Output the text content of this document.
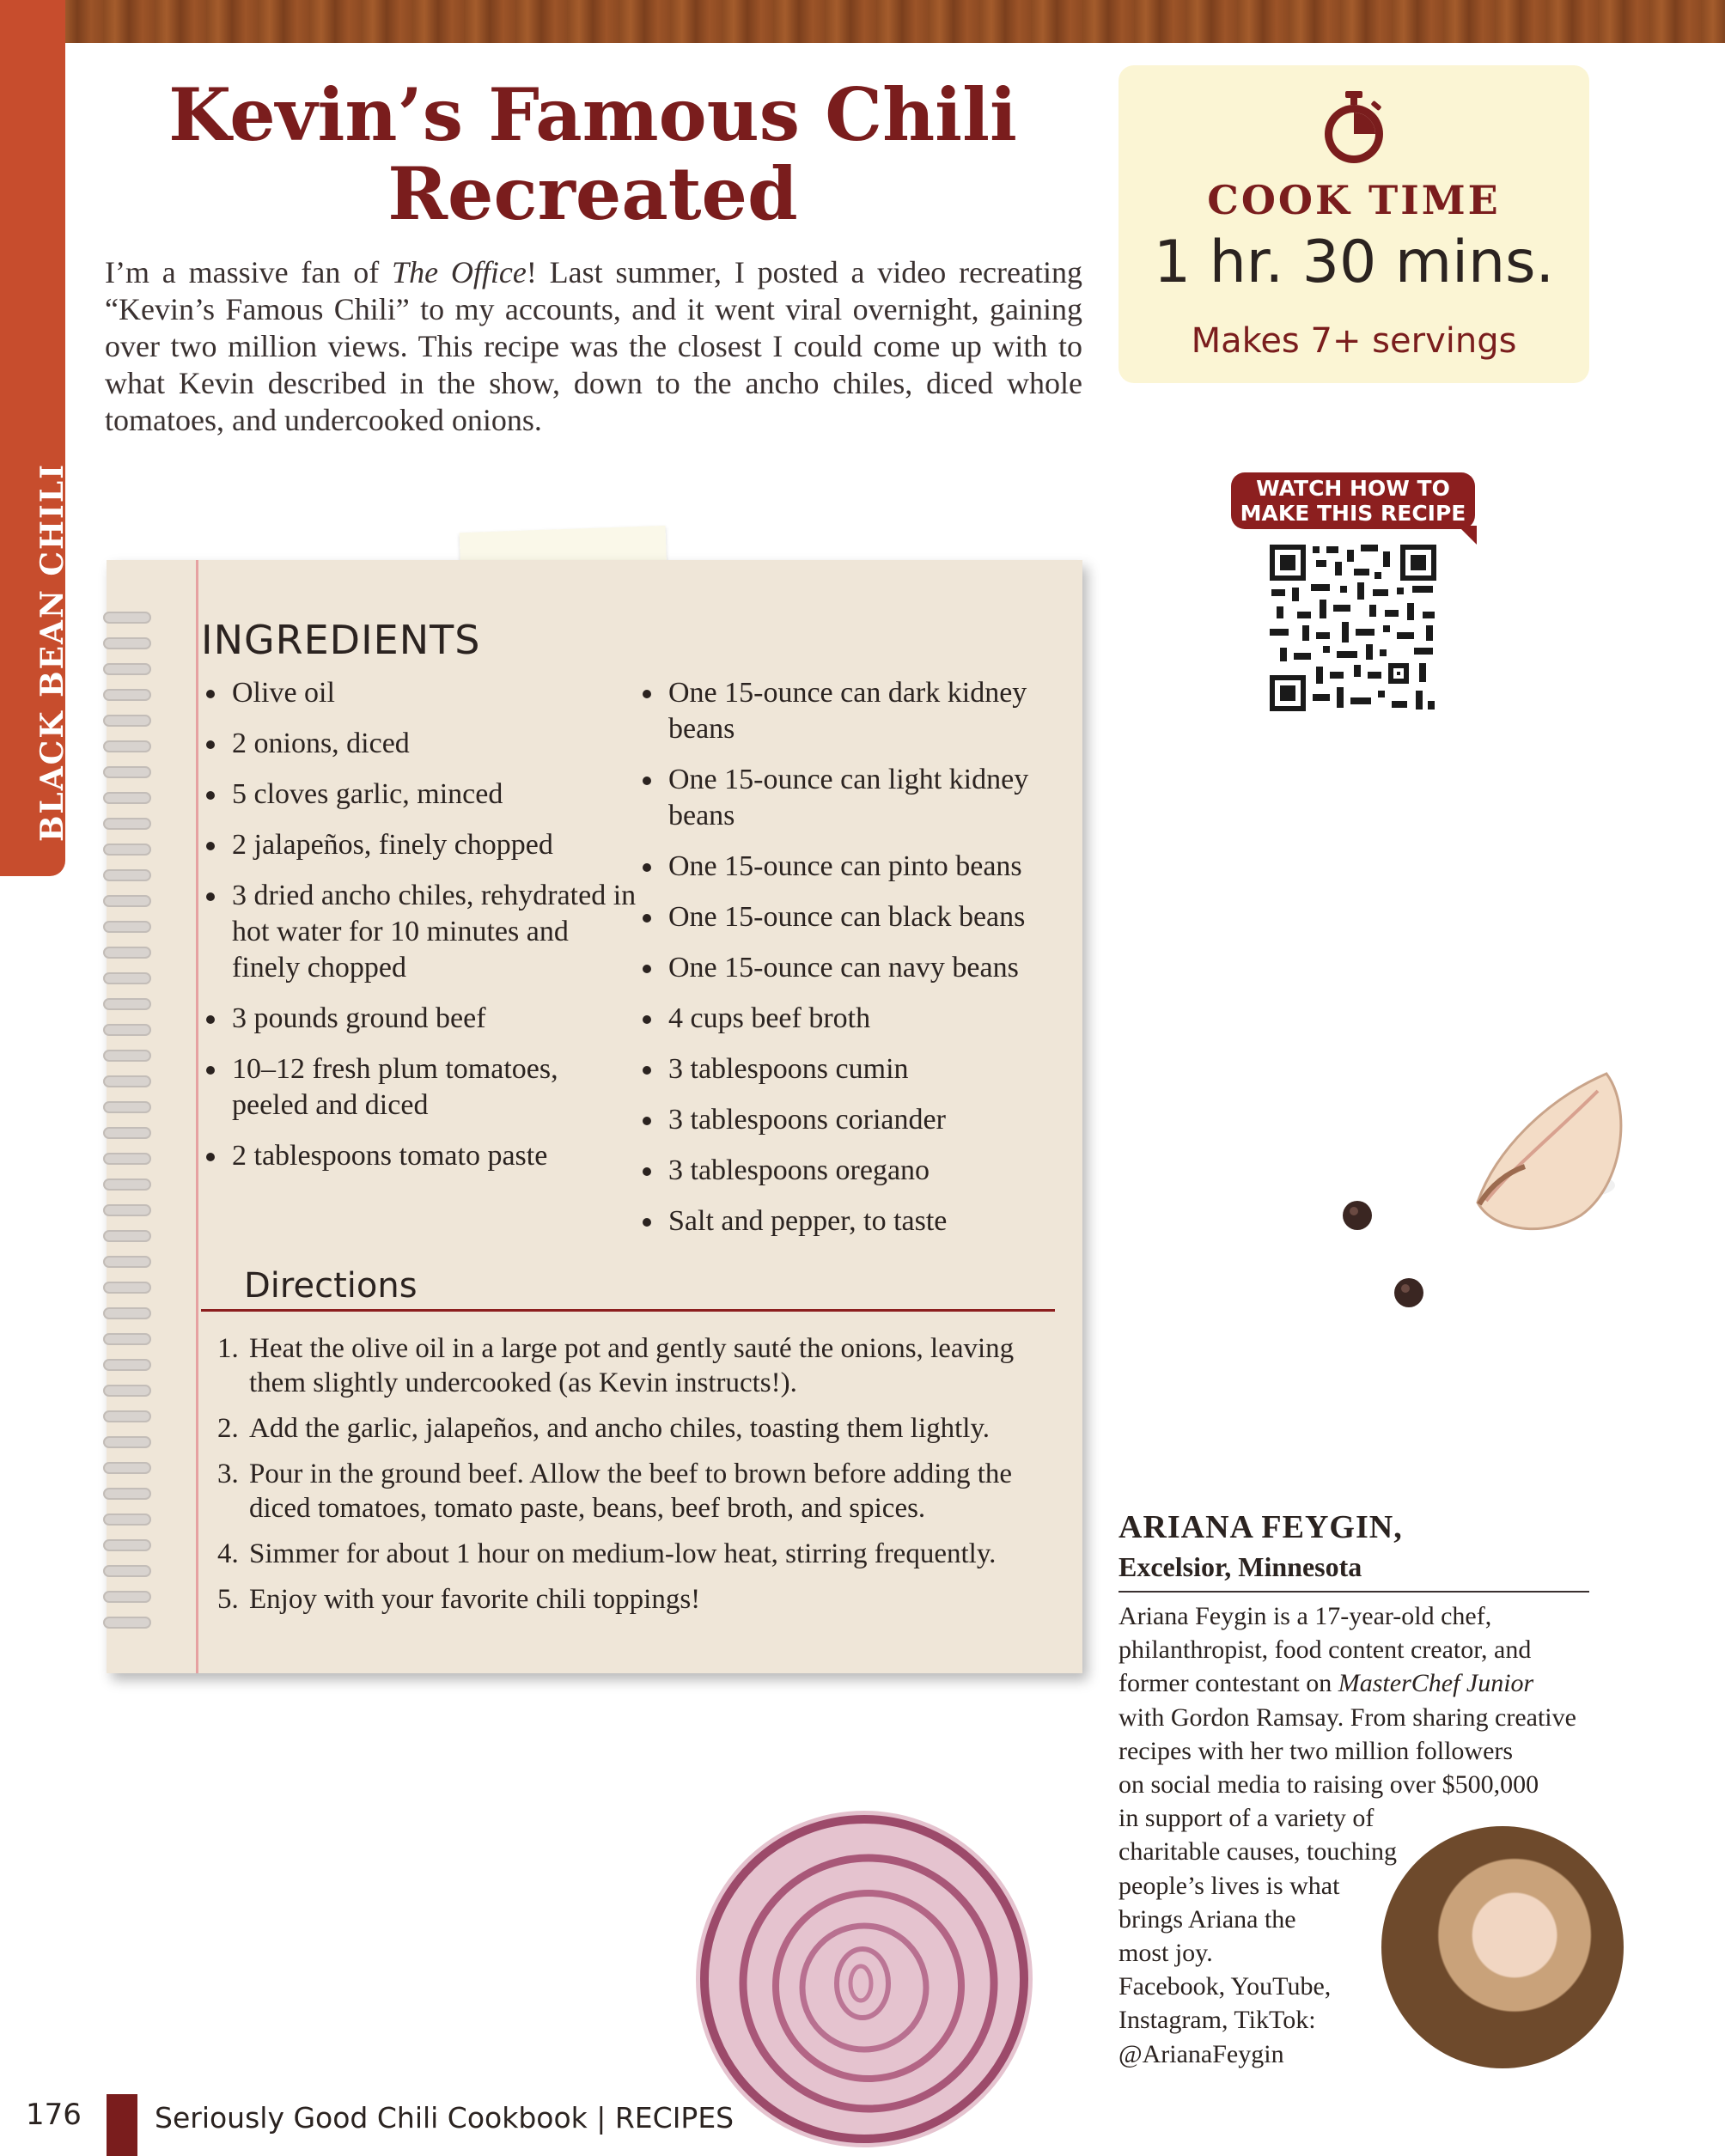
BLACK BEAN CHILI
Kevin’s Famous Chili
Recreated
I’m a massive fan of The Office! Last summer, I posted a video recreating “Kevin’s Famous Chili” to my accounts, and it went viral overnight, gaining over two million views. This recipe was the closest I could come up with to what Kevin described in the show, down to the ancho chiles, diced whole tomatoes, and undercooked onions.
COOK TIME
1 hr. 30 mins.
Makes 7+ servings
WATCH HOW TO
MAKE THIS RECIPE
INGREDIENTS
• Olive oil
• 2 onions, diced
• 5 cloves garlic, minced
• 2 jalapeños, finely chopped
• 3 dried ancho chiles, rehydrated in hot water for 10 minutes and finely chopped
• 3 pounds ground beef
• 10–12 fresh plum tomatoes, peeled and diced
• 2 tablespoons tomato paste
• One 15-ounce can dark kidney beans
• One 15-ounce can light kidney beans
• One 15-ounce can pinto beans
• One 15-ounce can black beans
• One 15-ounce can navy beans
• 4 cups beef broth
• 3 tablespoons cumin
• 3 tablespoons coriander
• 3 tablespoons oregano
• Salt and pepper, to taste
Directions
1. Heat the olive oil in a large pot and gently sauté the onions, leaving them slightly undercooked (as Kevin instructs!).
2. Add the garlic, jalapeños, and ancho chiles, toasting them lightly.
3. Pour in the ground beef. Allow the beef to brown before adding the diced tomatoes, tomato paste, beans, beef broth, and spices.
4. Simmer for about 1 hour on medium-low heat, stirring frequently.
5. Enjoy with your favorite chili toppings!
ARIANA FEYGIN,
Excelsior, Minnesota
Ariana Feygin is a 17-year-old chef,
philanthropist, food content creator, and
former contestant on MasterChef Junior
with Gordon Ramsay. From sharing creative
recipes with her two million followers
on social media to raising over $500,000
in support of a variety of
charitable causes, touching
people’s lives is what
brings Ariana the
most joy.
Facebook, YouTube,
Instagram, TikTok:
@ArianaFeygin
176	Seriously Good Chili Cookbook | RECIPES
